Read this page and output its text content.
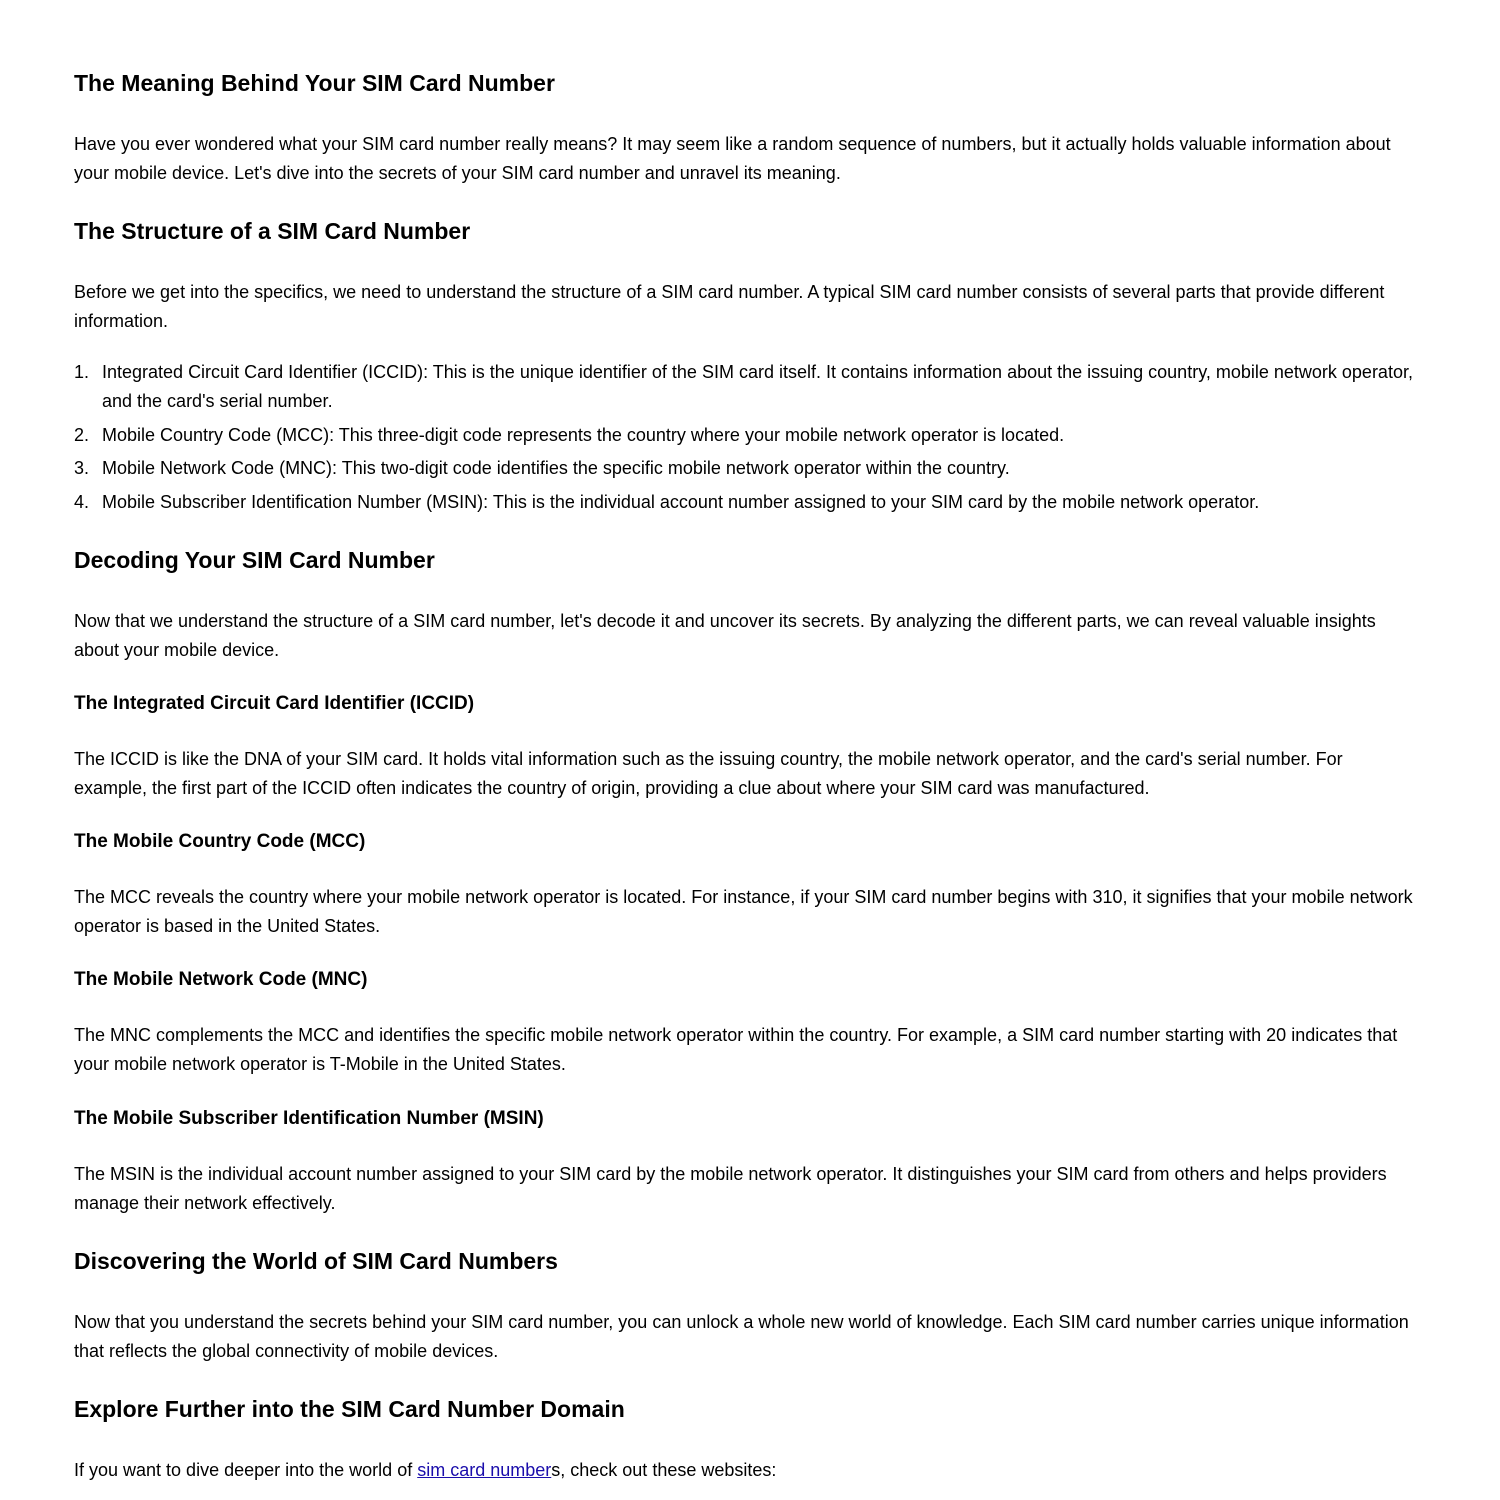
The Meaning Behind Your SIM Card Number

Have you ever wondered what your SIM card number really means? It may seem like a random sequence of numbers, but it actually holds valuable information about your mobile device. Let's dive into the secrets of your SIM card number and unravel its meaning.

The Structure of a SIM Card Number

Before we get into the specifics, we need to understand the structure of a SIM card number. A typical SIM card number consists of several parts that provide different information.

1. Integrated Circuit Card Identifier (ICCID): This is the unique identifier of the SIM card itself. It contains information about the issuing country, mobile network operator, and the card's serial number.
2. Mobile Country Code (MCC): This three-digit code represents the country where your mobile network operator is located.
3. Mobile Network Code (MNC): This two-digit code identifies the specific mobile network operator within the country.
4. Mobile Subscriber Identification Number (MSIN): This is the individual account number assigned to your SIM card by the mobile network operator.
Decoding Your SIM Card Number

Now that we understand the structure of a SIM card number, let's decode it and uncover its secrets. By analyzing the different parts, we can reveal valuable insights about your mobile device.

The Integrated Circuit Card Identifier (ICCID)

The ICCID is like the DNA of your SIM card. It holds vital information such as the issuing country, the mobile network operator, and the card's serial number. For example, the first part of the ICCID often indicates the country of origin, providing a clue about where your SIM card was manufactured.

The Mobile Country Code (MCC)

The MCC reveals the country where your mobile network operator is located. For instance, if your SIM card number begins with 310, it signifies that your mobile network operator is based in the United States.

The Mobile Network Code (MNC)

The MNC complements the MCC and identifies the specific mobile network operator within the country. For example, a SIM card number starting with 20 indicates that your mobile network operator is T-Mobile in the United States.

The Mobile Subscriber Identification Number (MSIN)

The MSIN is the individual account number assigned to your SIM card by the mobile network operator. It distinguishes your SIM card from others and helps providers manage their network effectively.

Discovering the World of SIM Card Numbers

Now that you understand the secrets behind your SIM card number, you can unlock a whole new world of knowledge. Each SIM card number carries unique information that reflects the global connectivity of mobile devices.

Explore Further into the SIM Card Number Domain

If you want to dive deeper into the world of sim card numbers, check out these websites:
